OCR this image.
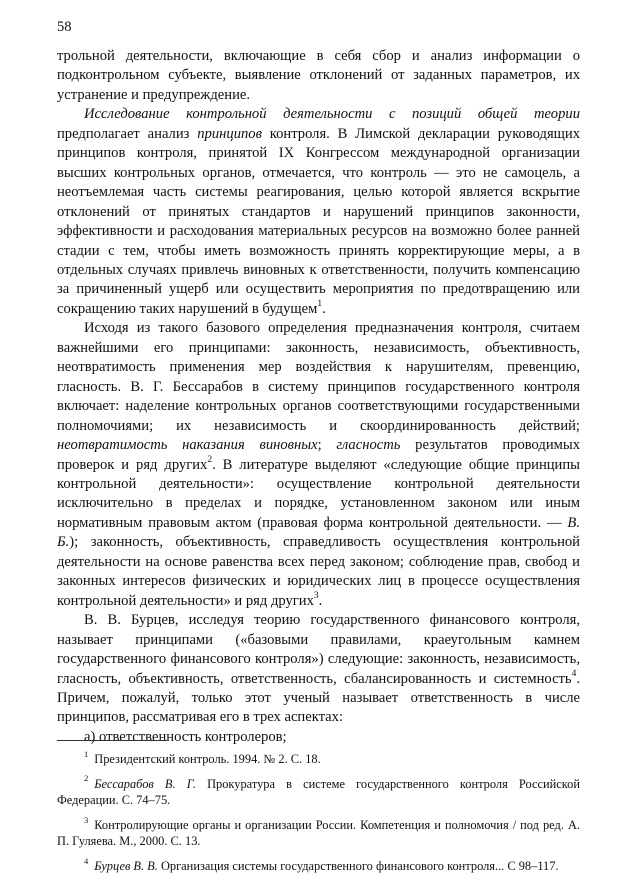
58

трольной деятельности, включающие в себя сбор и анализ информации о подконтрольном субъекте, выявление отклонений от заданных параметров, их устранение и предупреждение.

Исследование контрольной деятельности с позиций общей теории предполагает анализ принципов контроля. В Лимской декларации руководящих принципов контроля, принятой IX Конгрессом международной организации высших контрольных органов, отмечается, что контроль — это не самоцель, а неотъемлемая часть системы реагирования, целью которой является вскрытие отклонений от принятых стандартов и нарушений принципов законности, эффективности и расходования материальных ресурсов на возможно более ранней стадии с тем, чтобы иметь возможность принять корректирующие меры, а в отдельных случаях привлечь виновных к ответственности, получить компенсацию за причиненный ущерб или осуществить мероприятия по предотвращению или сокращению таких нарушений в будущем$^1$.

Исходя из такого базового определения предназначения контроля, считаем важнейшими его принципами: законность, независимость, объективность, неотвратимость применения мер воздействия к нарушителям, превенцию, гласность. В. Г. Бессарабов в систему принципов государственного контроля включает: наделение контрольных органов соответствующими государственными полномочиями; их независимость и скоординированность действий; неотвратимость наказания виновных; гласность результатов проводимых проверок и ряд других$^2$. В литературе выделяют «следующие общие принципы контрольной деятельности»: осуществление контрольной деятельности исключительно в пределах и порядке, установленном законом или иным нормативным правовым актом (правовая форма контрольной деятельности. — В. Б.); законность, объективность, справедливость осуществления контрольной деятельности на основе равенства всех перед законом; соблюдение прав, свобод и законных интересов физических и юридических лиц в процессе осуществления контрольной деятельности» и ряд других$^3$.

В. В. Бурцев, исследуя теорию государственного финансового контроля, называет принципами («базовыми правилами, краеугольным камнем государственного финансового контроля») следующие: законность, независимость, гласность, объективность, ответственность, сбалансированность и системность$^4$. Причем, пожалуй, только этот ученый называет ответственность в числе принципов, рассматривая его в трех аспектах:

а) ответственность контролеров;

$^1$ Президентский контроль. 1994. № 2. С. 18.

$^2$ Бессарабов В. Г. Прокуратура в системе государственного контроля Российской Федерации. С. 74–75.

$^3$ Контролирующие органы и организации России. Компетенция и полномочия / под ред. А. П. Гуляева. М., 2000. С. 13.

$^4$ Бурцев В. В. Организация системы государственного финансового контроля... С 98–117.
